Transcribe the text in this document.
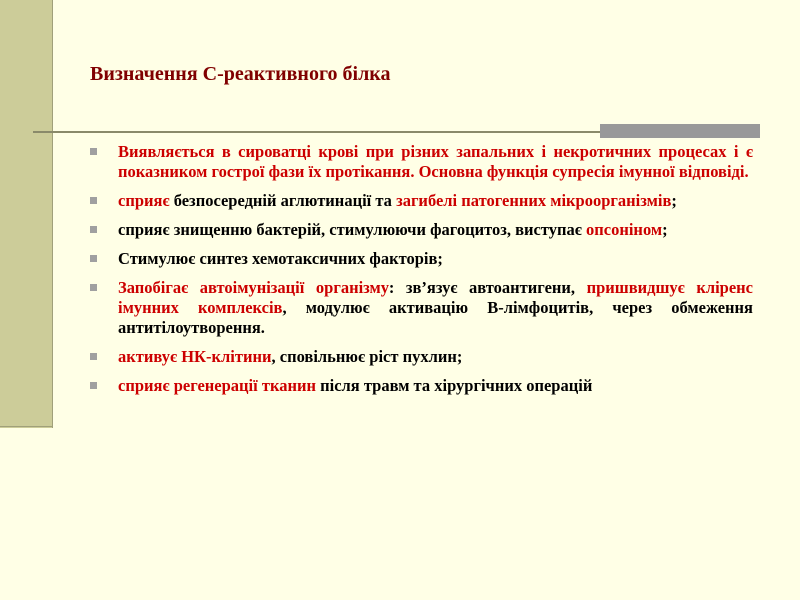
Визначення С-реактивного білка
Виявляється в сироватці крові при різних запальних і некротичних процесах і є показником гострої фази їх протікання. Основна функція супресія імунної відповіді.
сприяє безпосередній аглютинації та загибелі патогенних мікроорганізмів;
сприяє знищенню бактерій, стимулюючи фагоцитоз, виступає опсоніном;
Стимулює синтез хемотаксичних факторів;
Запобігає автоімунізації організму: зв’язує автоантигени, пришвидшує кліренс імунних комплексів, модулює активацію В-лімфоцитів, через обмеження антитілоутворення.
активує НК-клітини, сповільнює ріст пухлин;
сприяє регенерації тканин після травм та хірургічних операцій
